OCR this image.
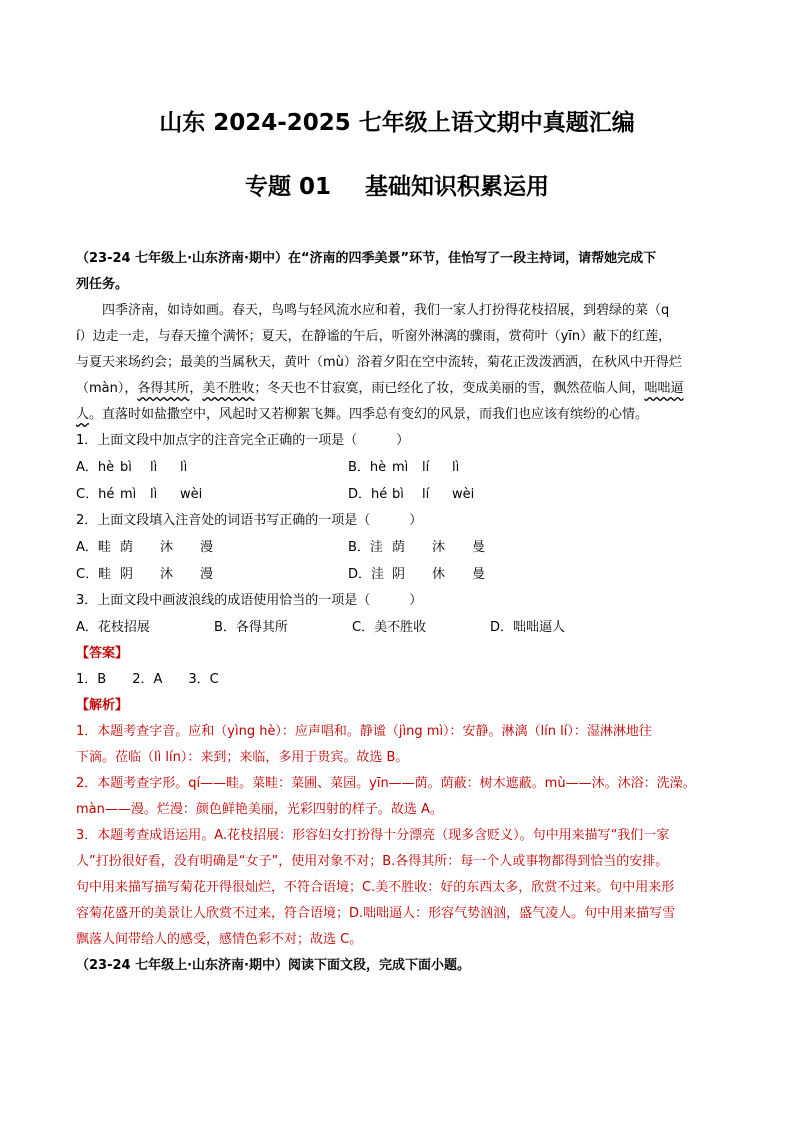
山东 2024-2025 七年级上语文期中真题汇编
专题 01 基础知识积累运用
（23-24 七年级上·山东济南·期中）在“济南的四季美景”环节，佳怡写了一段主持词，请帮她完成下
列任务。
四季济南，如诗如画。春天，鸟鸣与轻风流水应和着，我们一家人打扮得花枝招展，到碧绿的菜（q
í）边走一走，与春天撞个满怀；夏天，在静谧的午后，听窗外淋漓的骤雨，赏荷叶（yīn）蔽下的红莲，
与夏天来场约会；最美的当属秋天，黄叶（mù）浴着夕阳在空中流转，菊花正泼泼洒洒，在秋风中开得烂
（màn），各得其所，美不胜收；冬天也不甘寂寞，雨已经化了妆，变成美丽的雪，飘然莅临人间，咄咄逼
人。直落时如盐撒空中，风起时又若柳絮飞舞。四季总有变幻的风景，而我们也应该有缤纷的心情。
1．上面文段中加点字的注音完全正确的一项是（　　　）
A．hè bì lì lì	B．hè mì lí lì
C．hé mì lì wèi	D．hé bì lí wèi
2．上面文段填入注音处的词语书写正确的一项是（　　　）
A．畦 荫 沐 漫	B．洼 荫 沐 曼
C．畦 阴 沐 漫	D．洼 阴 休 曼
3．上面文段中画波浪线的成语使用恰当的一项是（　　　）
A．花枝招展	B．各得其所	C．美不胜收	D．咄咄逼人
【答案】
1．B　　2．A　　3．C
【解析】
1．本题考查字音。应和（yìng hè）：应声唱和。静谧（jìng mì）：安静。淋漓（lín lí）：湿淋淋地往
下滴。莅临（lì lín）：来到；来临，多用于贵宾。故选 B。
2．本题考查字形。qí——畦。菜畦：菜圃、菜园。yīn——荫。荫蔽：树木遮蔽。mù——沐。沐浴：洗澡。
màn——漫。烂漫：颜色鲜艳美丽，光彩四射的样子。故选 A。
3．本题考查成语运用。A.花枝招展：形容妇女打扮得十分漂亮（现多含贬义）。句中用来描写“我们一家
人”打扮很好看，没有明确是“女子”，使用对象不对；B.各得其所：每一个人或事物都得到恰当的安排。
句中用来描写描写菊花开得很灿烂，不符合语境；C.美不胜收：好的东西太多，欣赏不过来。句中用来形
容菊花盛开的美景让人欣赏不过来，符合语境；D.咄咄逼人：形容气势汹汹，盛气凌人。句中用来描写雪
飘落人间带给人的感受，感情色彩不对；故选 C。
（23-24 七年级上·山东济南·期中）阅读下面文段，完成下面小题。
